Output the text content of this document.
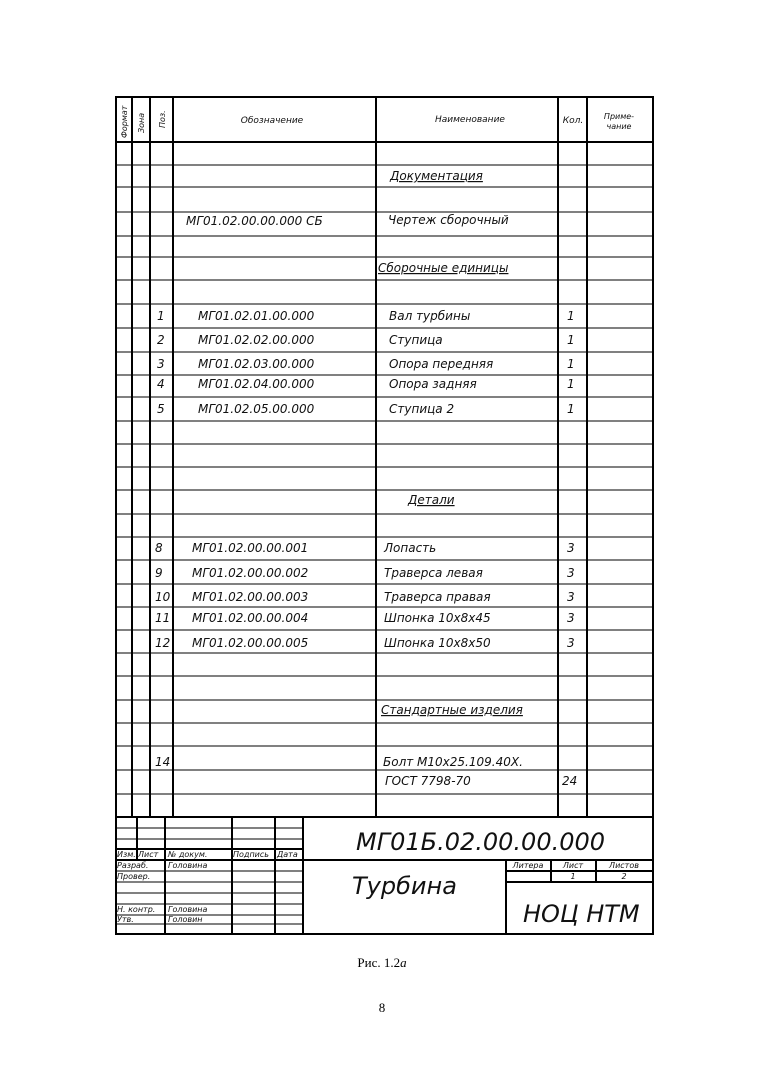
Формат Зона Поз.	Обозначение	Наименование	Кол.	Приме-
чание
Документация
МГ01.02.00.00.000 СБ	Чертеж сборочный
Сборочные единицы
1	МГ01.02.01.00.000	Вал турбины	1
2	МГ01.02.02.00.000	Ступица	1
3	МГ01.02.03.00.000	Опора передняя	1
4	МГ01.02.04.00.000	Опора задняя	1
5	МГ01.02.05.00.000	Ступица 2	1
Детали
8 МГ01.02.00.00.001	Лопасть	3
9 МГ01.02.00.00.002	Траверса левая	3
10 МГ01.02.00.00.003	Траверса правая	3
11 МГ01.02.00.00.004	Шпонка 10х8х45	3
12 МГ01.02.00.00.005	Шпонка 10х8х50	3
Стандартные изделия
14	Болт М10х25.109.40Х.
ГОСТ 7798-70	24
МГ01Б.02.00.00.000
Турбина
НОЦ НТМ
Изм. Лист № докум.	Подпись Дата
Разраб. Головина
Провер.
Н. контр. Головина
Утв.	Головин
Литера Лист	Листов
1	2
Рис. 1.2а
8
